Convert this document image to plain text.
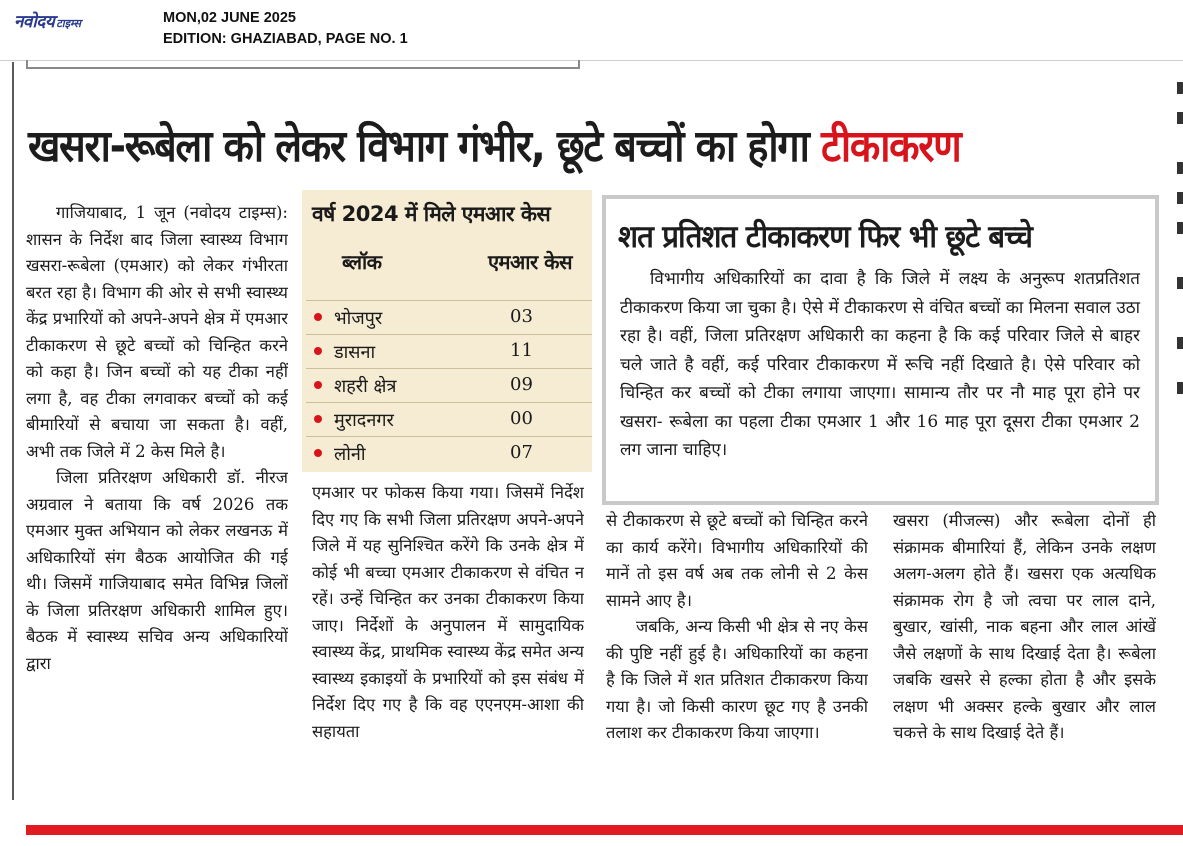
नवोदय टाइम्स	MON,02 JUNE 2025
EDITION: GHAZIABAD, PAGE NO. 1
खसरा-रूबेला को लेकर विभाग गंभीर, छूटे बच्चों का होगा टीकाकरण

गाजियाबाद, 1 जून (नवोदय टाइम्स): शासन के निर्देश बाद जिला स्वास्थ्य विभाग खसरा-रूबेला (एमआर) को लेकर गंभीरता बरत रहा है। विभाग की ओर से सभी स्वास्थ्य केंद्र प्रभारियों को अपने-अपने क्षेत्र में एमआर टीकाकरण से छूटे बच्चों को चिन्हित करने को कहा है। जिन बच्चों को यह टीका नहीं लगा है, वह टीका लगवाकर बच्चों को कई बीमारियों से बचाया जा सकता है। वहीं, अभी तक जिले में 2 केस मिले है।

जिला प्रतिरक्षण अधिकारी डॉ. नीरज अग्रवाल ने बताया कि वर्ष 2026 तक एमआर मुक्त अभियान को लेकर लखनऊ में अधिकारियों संग बैठक आयोजित की गई थी। जिसमें गाजियाबाद समेत विभिन्न जिलों के जिला प्रतिरक्षण अधिकारी शामिल हुए। बैठक में स्वास्थ्य सचिव अन्य अधिकारियों द्वारा

वर्ष 2024 में मिले एमआर केस
ब्लॉक	एमआर केस
भोजपुर	03
डासना	11
शहरी क्षेत्र	09
मुरादनगर	00
लोनी	07
शत प्रतिशत टीकाकरण फिर भी छूटे बच्चे

विभागीय अधिकारियों का दावा है कि जिले में लक्ष्य के अनुरूप शतप्रतिशत टीकाकरण किया जा चुका है। ऐसे में टीकाकरण से वंचित बच्चों का मिलना सवाल उठा रहा है। वहीं, जिला प्रतिरक्षण अधिकारी का कहना है कि कई परिवार जिले से बाहर चले जाते है वहीं, कई परिवार टीकाकरण में रूचि नहीं दिखाते है। ऐसे परिवार को चिन्हित कर बच्चों को टीका लगाया जाएगा। सामान्य तौर पर नौ माह पूरा होने पर खसरा- रूबेला का पहला टीका एमआर 1 और 16 माह पूरा दूसरा टीका एमआर 2 लग जाना चाहिए।

एमआर पर फोकस किया गया। जिसमें निर्देश दिए गए कि सभी जिला प्रतिरक्षण अपने-अपने जिले में यह सुनिश्चित करेंगे कि उनके क्षेत्र में कोई भी बच्चा एमआर टीकाकरण से वंचित न रहें। उन्हें चिन्हित कर उनका टीकाकरण किया जाए। निर्देशों के अनुपालन में सामुदायिक स्वास्थ्य केंद्र, प्राथमिक स्वास्थ्य केंद्र समेत अन्य स्वास्थ्य इकाइयों के प्रभारियों को इस संबंध में निर्देश दिए गए है कि वह एएनएम-आशा की सहायता

से टीकाकरण से छूटे बच्चों को चिन्हित करने का कार्य करेंगे। विभागीय अधिकारियों की मानें तो इस वर्ष अब तक लोनी से 2 केस सामने आए है।

जबकि, अन्य किसी भी क्षेत्र से नए केस की पुष्टि नहीं हुई है। अधिकारियों का कहना है कि जिले में शत प्रतिशत टीकाकरण किया गया है। जो किसी कारण छूट गए है उनकी तलाश कर टीकाकरण किया जाएगा।

खसरा (मीजल्स) और रूबेला दोनों ही संक्रामक बीमारियां हैं, लेकिन उनके लक्षण अलग-अलग होते हैं। खसरा एक अत्यधिक संक्रामक रोग है जो त्वचा पर लाल दाने, बुखार, खांसी, नाक बहना और लाल आंखें जैसे लक्षणों के साथ दिखाई देता है। रूबेला जबकि खसरे से हल्का होता है और इसके लक्षण भी अक्सर हल्के बुखार और लाल चकत्ते के साथ दिखाई देते हैं।
